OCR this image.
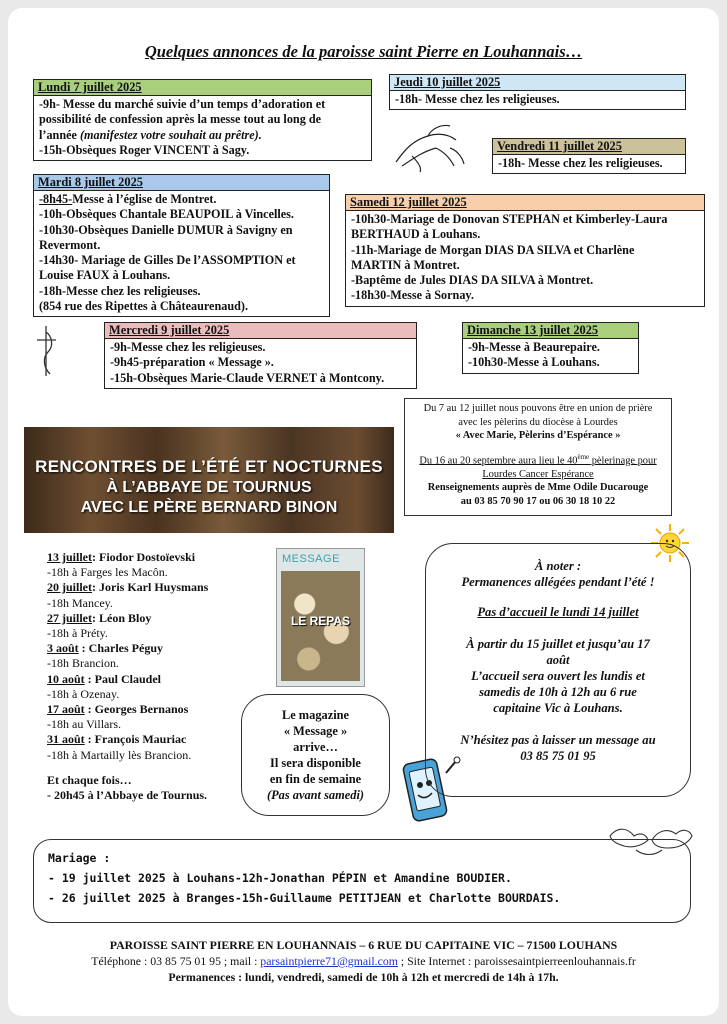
Quelques annonces de la paroisse saint Pierre en Louhannais…
Lundi 7 juillet 2025
-9h- Messe du marché suivie d’un temps d’adoration et
possibilité de confession après la messe tout au long de
l’année (manifestez votre souhait au prêtre).
-15h-Obsèques Roger VINCENT à Sagy.
Jeudi 10 juillet 2025
-18h- Messe chez les religieuses.
Vendredi 11 juillet 2025
-18h- Messe chez les religieuses.
Mardi 8 juillet 2025
-8h45-Messe à l’église de Montret.
-10h-Obsèques Chantale BEAUPOIL à Vincelles.
-10h30-Obsèques Danielle DUMUR à Savigny en
Revermont.
-14h30- Mariage de Gilles De l’ASSOMPTION et
Louise FAUX à Louhans.
-18h-Messe chez les religieuses.
(854 rue des Ripettes à Châteaurenaud).
Samedi 12 juillet 2025
-10h30-Mariage de Donovan STEPHAN et Kimberley-Laura
BERTHAUD à Louhans.
-11h-Mariage de Morgan DIAS DA SILVA et Charlène
MARTIN à Montret.
-Baptême de Jules DIAS DA SILVA à Montret.
-18h30-Messe à Sornay.
Mercredi 9 juillet 2025
-9h-Messe chez les religieuses.
-9h45-préparation « Message ».
-15h-Obsèques Marie-Claude VERNET à Montcony.
Dimanche 13 juillet 2025
-9h-Messe à Beaurepaire.
-10h30-Messe à Louhans.
Du 7 au 12 juillet nous pouvons être en union de prière
avec les pèlerins du diocèse à Lourdes
« Avec Marie, Pèlerins d’Espérance »
Du 16 au 20 septembre aura lieu le 40ème pèlerinage pour
Lourdes Cancer Espérance
Renseignements auprès de Mme Odile Ducarouge
au 03 85 70 90 17 ou 06 30 18 10 22
RENCONTRES DE L’ÉTÉ ET NOCTURNES
À L’ABBAYE DE TOURNUS
AVEC LE PÈRE BERNARD BINON
13 juillet: Fiodor Dostoïevski
-18h à Farges les Macôn.
20 juillet: Joris Karl Huysmans
-18h Mancey.
27 juillet: Léon Bloy
-18h à Préty.
3 août : Charles Péguy
-18h Brancion.
10 août : Paul Claudel
-18h à Ozenay.
17 août : Georges Bernanos
-18h au Villars.
31 août : François Mauriac
-18h à Martailly lès Brancion.
Et chaque fois…
- 20h45 à l’Abbaye de Tournus.
MESSAGE
LE REPAS
Le magazine
« Message »
arrive…
Il sera disponible
en fin de semaine
(Pas avant samedi)
À noter :
Permanences allégées pendant l’été !
Pas d’accueil le lundi 14 juillet
À partir du 15 juillet et jusqu’au 17
août
L’accueil sera ouvert les lundis et
samedis de 10h à 12h au 6 rue
capitaine Vic à Louhans.
N’hésitez pas à laisser un message au
03 85 75 01 95
Mariage :
- 19 juillet 2025 à Louhans-12h-Jonathan PÉPIN et Amandine BOUDIER.
- 26 juillet 2025 à Branges-15h-Guillaume PETITJEAN et Charlotte BOURDAIS.
PAROISSE SAINT PIERRE EN LOUHANNAIS – 6 RUE DU CAPITAINE VIC – 71500 LOUHANS
Téléphone : 03 85 75 01 95 ; mail : parsaintpierre71@gmail.com ; Site Internet : paroissesaintpierreenlouhannais.fr
Permanences : lundi, vendredi, samedi de 10h à 12h et mercredi de 14h à 17h.
